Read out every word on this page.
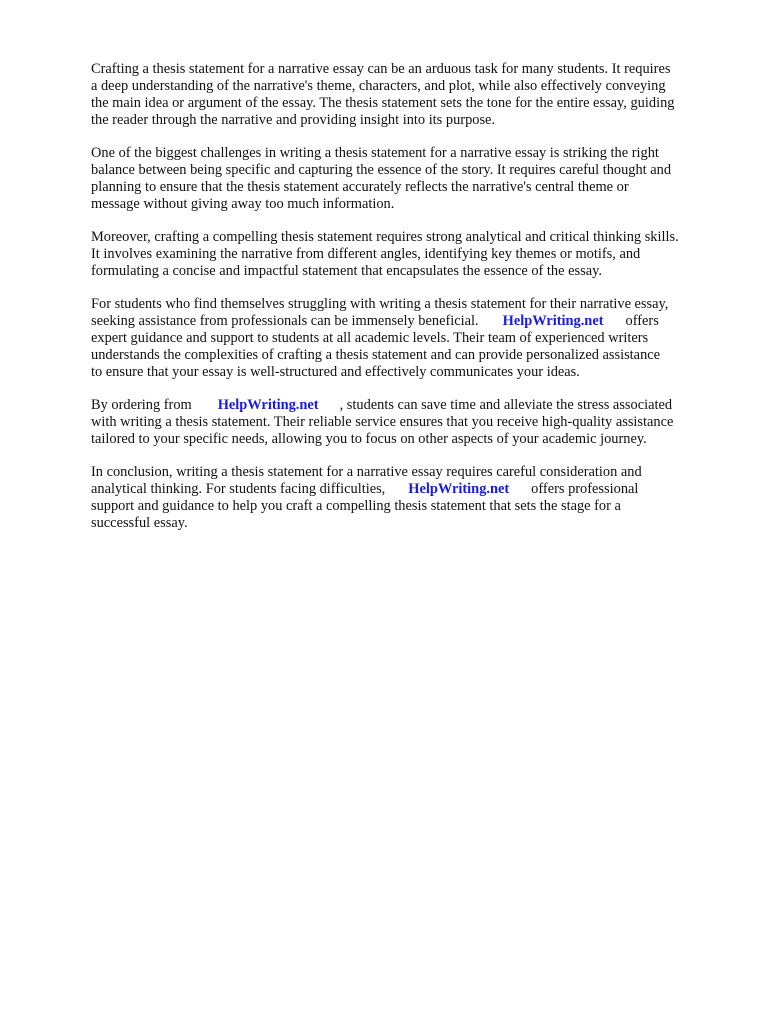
Crafting a thesis statement for a narrative essay can be an arduous task for many students. It requires
a deep understanding of the narrative's theme, characters, and plot, while also effectively conveying
the main idea or argument of the essay. The thesis statement sets the tone for the entire essay, guiding
the reader through the narrative and providing insight into its purpose.

One of the biggest challenges in writing a thesis statement for a narrative essay is striking the right
balance between being specific and capturing the essence of the story. It requires careful thought and
planning to ensure that the thesis statement accurately reflects the narrative's central theme or
message without giving away too much information.

Moreover, crafting a compelling thesis statement requires strong analytical and critical thinking skills.
It involves examining the narrative from different angles, identifying key themes or motifs, and
formulating a concise and impactful statement that encapsulates the essence of the essay.

For students who find themselves struggling with writing a thesis statement for their narrative essay,
seeking assistance from professionals can be immensely beneficial. HelpWriting.net offers
expert guidance and support to students at all academic levels. Their team of experienced writers
understands the complexities of crafting a thesis statement and can provide personalized assistance
to ensure that your essay is well-structured and effectively communicates your ideas.

By ordering from HelpWriting.net , students can save time and alleviate the stress associated
with writing a thesis statement. Their reliable service ensures that you receive high-quality assistance
tailored to your specific needs, allowing you to focus on other aspects of your academic journey.

In conclusion, writing a thesis statement for a narrative essay requires careful consideration and
analytical thinking. For students facing difficulties, HelpWriting.net offers professional
support and guidance to help you craft a compelling thesis statement that sets the stage for a
successful essay.
